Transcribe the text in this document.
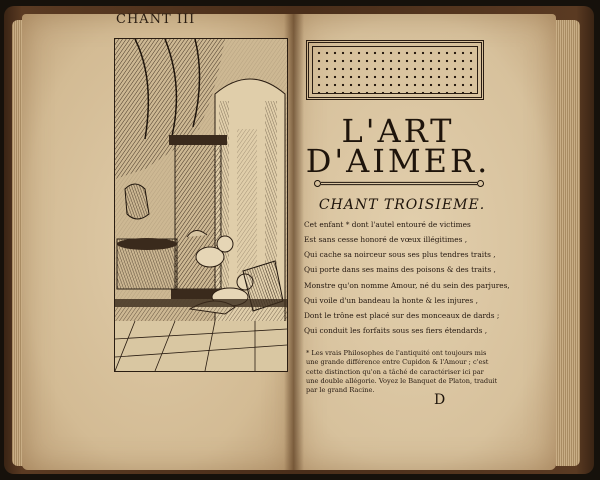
CHANT III
L'ART
D'AIMER.
CHANT TROISIEME.
Cet enfant * dont l'autel entouré de victimes
Est sans cesse honoré de vœux illégitimes ,
Qui cache sa noirceur sous ses plus tendres traits ,
Qui porte dans ses mains des poisons & des traits ,
Monstre qu'on nomme Amour, né du sein des parjures,
Qui voile d'un bandeau la honte & les injures ,
Dont le trône est placé sur des monceaux de dards ;
Qui conduit les forfaits sous ses fiers étendards ,
* Les vrais Philosophes de l'antiquité ont toujours mis une grande différence entre Cupidon & l'Amour ; c'est cette distinction qu'on a tâché de caractériser ici par une double allégorie. Voyez le Banquet de Platon, traduit par le grand Racine.
D
